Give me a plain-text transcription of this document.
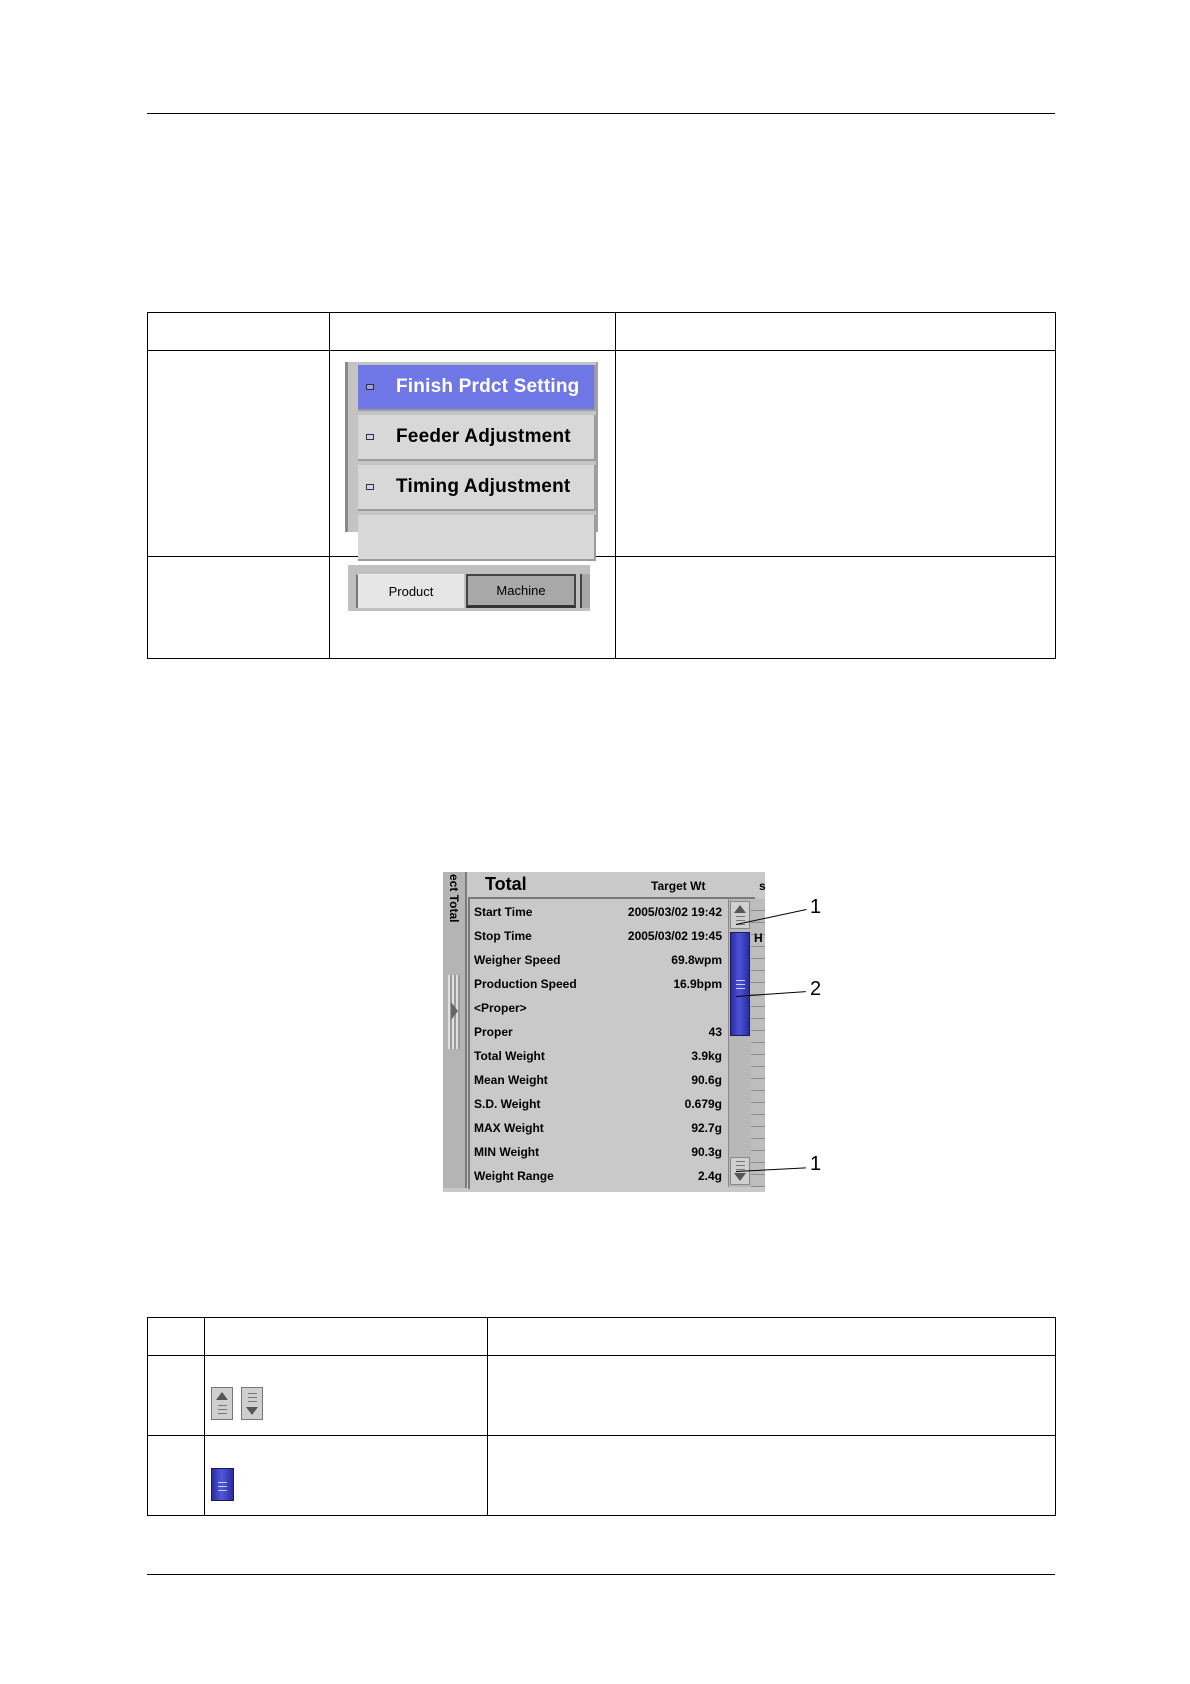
	Finish Prdct Setting
Feeder Adjustment
Timing Adjustment	

	Product Machine	

ect Total Total	Target Wt	s
Start Time	2005/03/02 19:42
Stop Time	2005/03/02 19:45
Weigher Speed	69.8wpm
Production Speed	16.9bpm
<Proper>
Proper	43
Total Weight	3.9kg
Mean Weight	90.6g
S.D. Weight	0.679g
MAX Weight	92.7g
MIN Weight	90.3g
Weight Range	2.4g
H
1
2
1
